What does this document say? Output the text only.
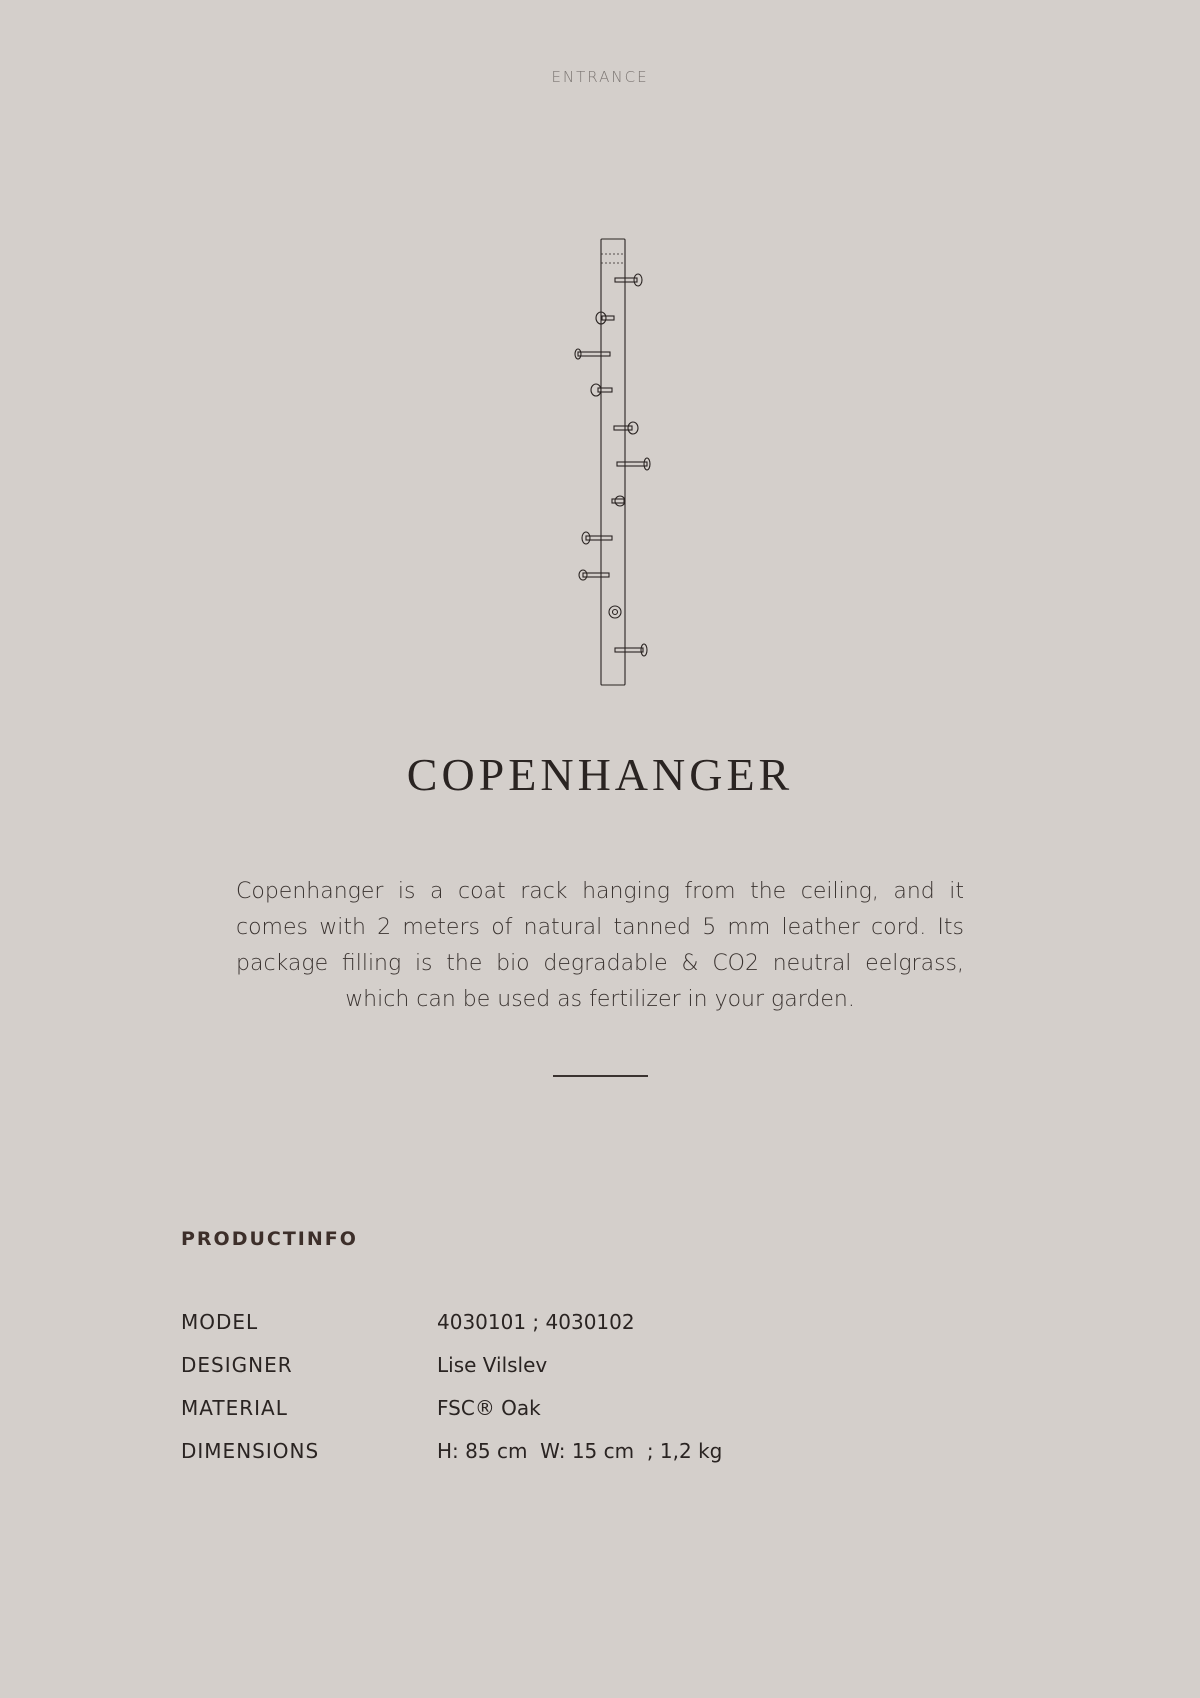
ENTRANCE
COPENHANGER
Copenhanger is a coat rack hanging from the ceiling, and it comes with 2 meters of natural tanned 5 mm leather cord. Its package filling is the bio degradable & CO2 neutral eelgrass, which can be used as fertilizer in your garden.
PRODUCTINFO
MODEL	4030101 ; 4030102
DESIGNER	Lise Vilslev
MATERIAL	FSC® Oak
DIMENSIONS	H: 85 cm  W: 15 cm  ; 1,2 kg
